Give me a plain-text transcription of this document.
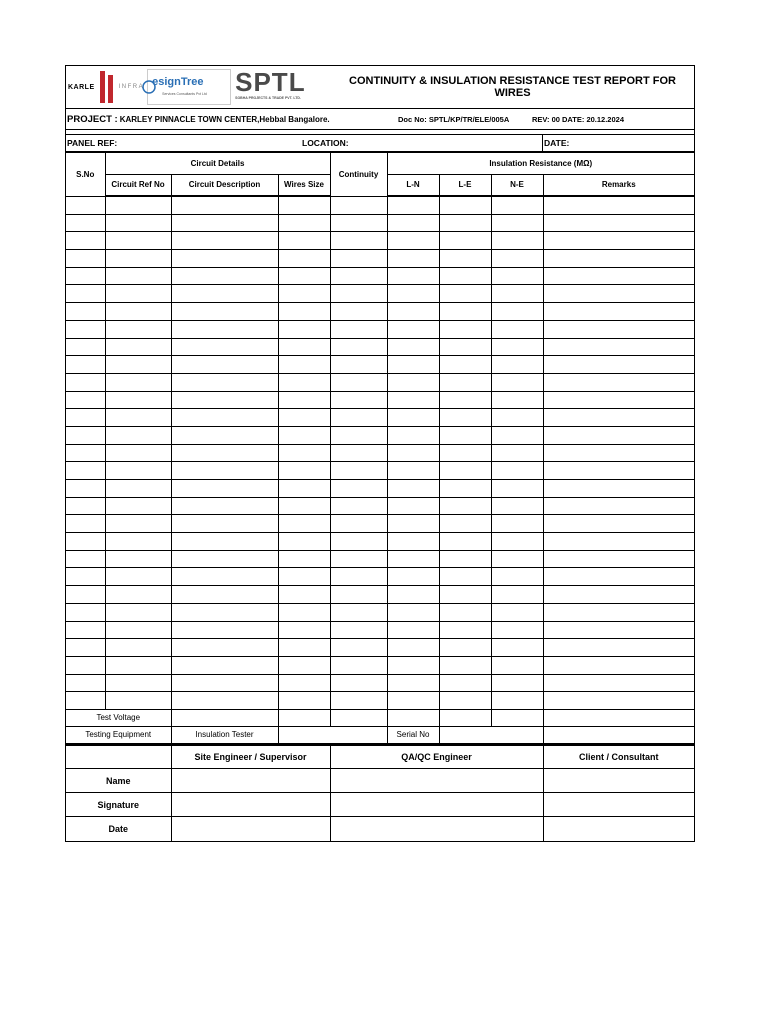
KARLE	INFRA esignTree
Services Consultants Pvt Ltd SPTL
SOBHA PROJECTS & TRADE PVT. LTD.
CONTINUITY & INSULATION RESISTANCE TEST REPORT FOR WIRES
PROJECT : KARLEY PINNACLE TOWN CENTER,Hebbal Bangalore.	Doc No: SPTL/KP/TR/ELE/005A	REV: 00 DATE: 20.12.2024
PANEL REF:	LOCATION:	DATE:
S.No	Circuit Details			Continuity	Insulation Resistance (MΩ)			
	Circuit Ref No	Circuit Description	Wires Size		L-N	L-E	N-E	Remarks

Test Voltage								
Testing Equipment		Insulation Tester			Serial No			
	Site Engineer / Supervisor	QA/QC Engineer	Client / Consultant
Name			
Signature			
Date			
